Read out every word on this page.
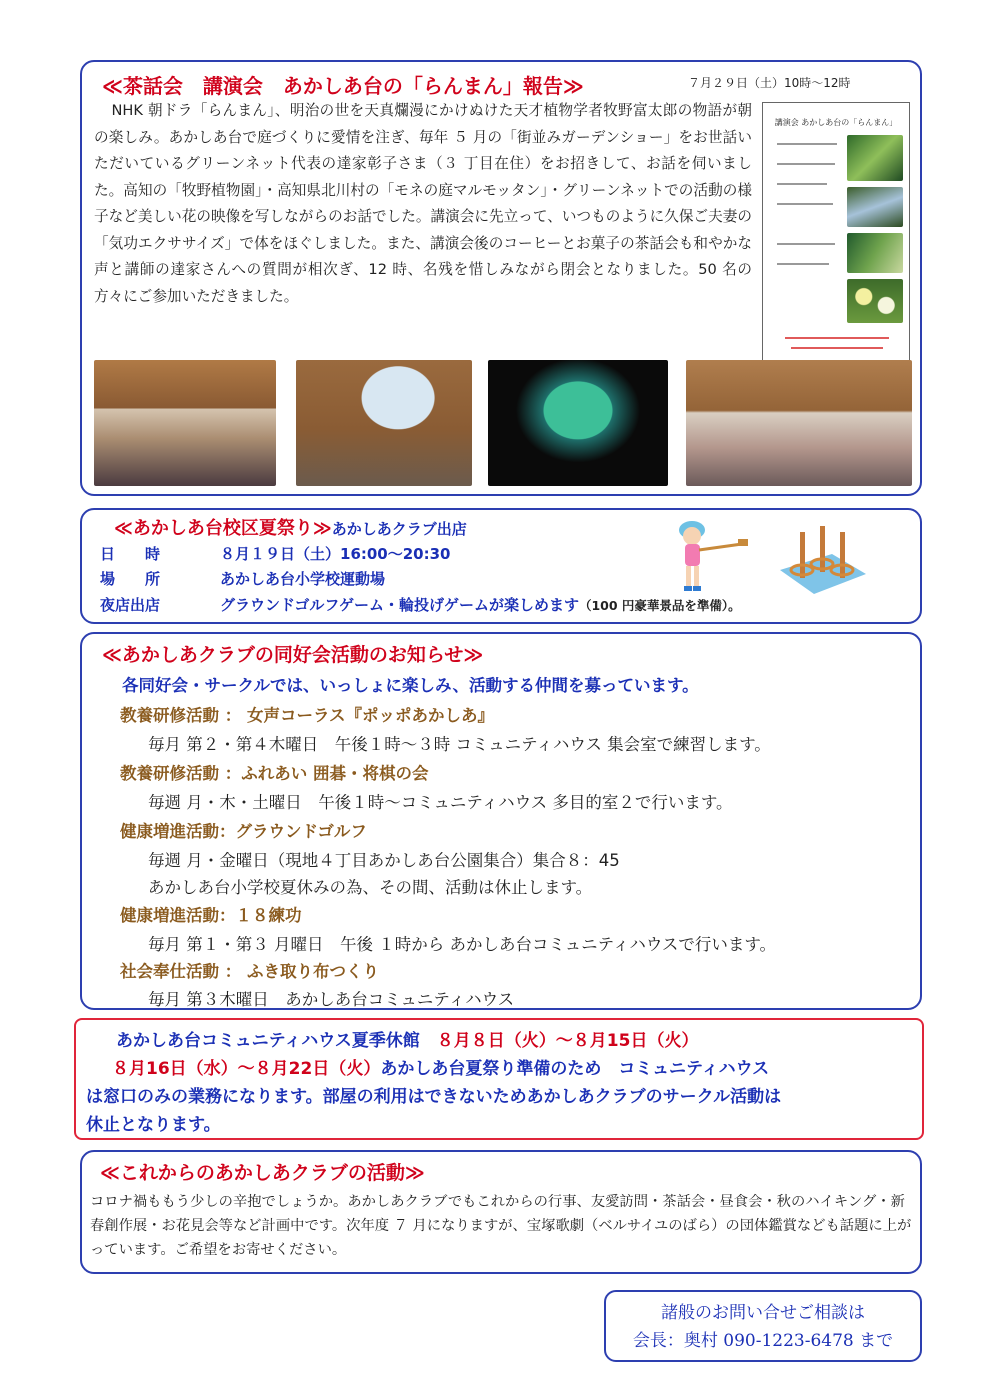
≪茶話会　講演会　あかしあ台の「らんまん」報告≫	７月２９日（土）10時～12時

NHK 朝ドラ「らんまん」、明治の世を天真爛漫にかけぬけた天才植物学者牧野富太郎の物語が朝の楽しみ。あかしあ台で庭づくりに愛情を注ぎ、毎年 ５ 月の「街並みガーデンショー」をお世話いただいているグリーンネット代表の達家彰子さま（３ 丁目在住）をお招きして、お話を伺いました。高知の「牧野植物園」・高知県北川村の「モネの庭マルモッタン」・グリーンネットでの活動の様子など美しい花の映像を写しながらのお話でした。講演会に先立って、いつものように久保ご夫妻の「気功エクササイズ」で体をほぐしました。また、講演会後のコーヒーとお菓子の茶話会も和やかな声と講師の達家さんへの質問が相次ぎ、12 時、名残を惜しみながら閉会となりました。50 名の方々にご参加いただきました。

講演会 あかしあ台の「らんまん」
≪あかしあ台校区夏祭り≫あかしあクラブ出店
日　　時	８月１９日（土）16:00～20:30
場　　所	あかしあ台小学校運動場
夜店出店	グラウンドゴルフゲーム・輪投げゲームが楽しめます（100 円豪華景品を準備）。
≪あかしあクラブの同好会活動のお知らせ≫
各同好会・サークルでは、いっしょに楽しみ、活動する仲間を募っています。
教養研修活動 ： 女声コーラス『ポッポあかしあ』
毎月 第２・第４木曜日　午後１時～３時 コミュニティハウス 集会室で練習します。
教養研修活動 ：ふれあい 囲碁・将棋の会
毎週 月・木・土曜日　午後１時～コミュニティハウス 多目的室２で行います。
健康増進活動：グラウンドゴルフ
毎週 月・金曜日（現地４丁目あかしあ台公園集合）集合８：45
あかしあ台小学校夏休みの為、その間、活動は休止します。
健康増進活動：１８練功
毎月 第１・第３ 月曜日　午後 １時から あかしあ台コミュニティハウスで行います。
社会奉仕活動 ： ふき取り布つくり
毎月 第３木曜日　あかしあ台コミュニティハウス
あかしあ台コミュニティハウス夏季休館　 ８月８日（火）～８月15日（火）
８月16日（水）～８月22日（火）あかしあ台夏祭り準備のため　コミュニティハウス
は窓口のみの業務になります。部屋の利用はできないためあかしあクラブのサークル活動は
休止となります。
≪これからのあかしあクラブの活動≫
コロナ禍ももう少しの辛抱でしょうか。あかしあクラブでもこれからの行事、友愛訪問・茶話会・昼食会・秋のハイキング・新春創作展・お花見会等など計画中です。次年度 ７ 月になりますが、宝塚歌劇（ベルサイユのばら）の団体鑑賞なども話題に上がっています。ご希望をお寄せください。
諸般のお問い合せご相談は
会長：奥村 090-1223-6478 まで
